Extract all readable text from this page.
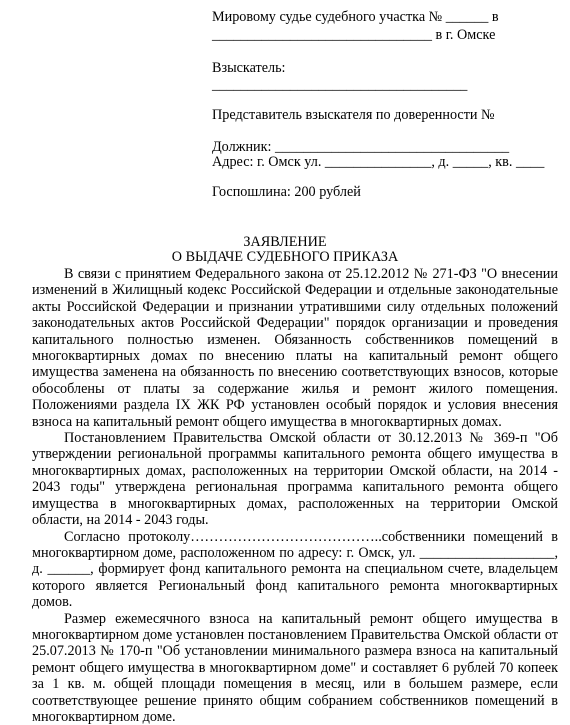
Мировому судье судебного участка № ______ в
_______________________________ в г. Омске
Взыскатель:
____________________________________
Представитель взыскателя по доверенности №
Должник: _________________________________
Адрес: г. Омск ул. _______________, д. _____, кв. ____
Госпошлина: 200 рублей
ЗАЯВЛЕНИЕ
О ВЫДАЧЕ СУДЕБНОГО ПРИКАЗА

В связи с принятием Федерального закона от 25.12.2012 № 271-ФЗ "О внесении изменений в Жилищный кодекс Российской Федерации и отдельные законодательные акты Российской Федерации и признании утратившими силу отдельных положений законодательных актов Российской Федерации" порядок организации и проведения капитального полностью изменен. Обязанность собственников помещений в многоквартирных домах по внесению платы на капитальный ремонт общего имущества заменена на обязанность по внесению соответствующих взносов, которые обособлены от платы за содержание жилья и ремонт жилого помещения. Положениями раздела IX ЖК РФ установлен особый порядок и условия внесения взноса на капитальный ремонт общего имущества в многоквартирных домах.

Постановлением Правительства Омской области от 30.12.2013 № 369-п "Об утверждении региональной программы капитального ремонта общего имущества в многоквартирных домах, расположенных на территории Омской области, на 2014 - 2043 годы" утверждена региональная программа капитального ремонта общего имущества в многоквартирных домах, расположенных на территории Омской области, на 2014 - 2043 годы.

Согласно протоколу…………………………………..собственники помещений в многоквартирном доме, расположенном по адресу: г. Омск, ул. ___________________, д. ______, формирует фонд капитального ремонта на специальном счете, владельцем которого является Региональный фонд капитального ремонта многоквартирных домов.

Размер ежемесячного взноса на капитальный ремонт общего имущества в многоквартирном доме установлен постановлением Правительства Омской области от 25.07.2013 № 170-п "Об установлении минимального размера взноса на капитальный ремонт общего имущества в многоквартирном доме" и составляет 6 рублей 70 копеек за 1 кв. м. общей площади помещения в месяц, или в большем размере, если соответствующее решение принято общим собранием собственников помещений в многоквартирном доме.
